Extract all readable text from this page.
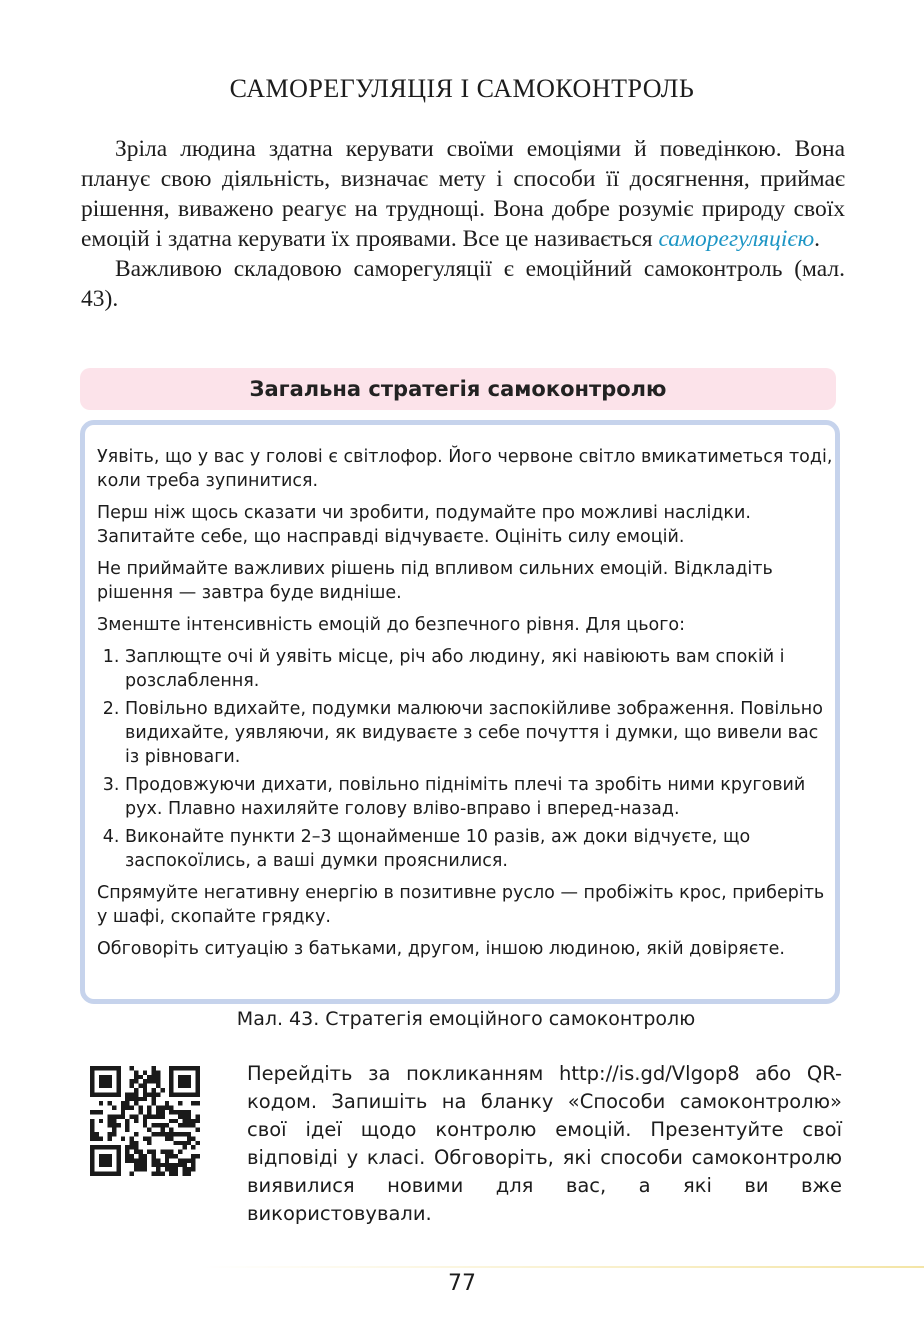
САМОРЕГУЛЯЦІЯ І САМОКОНТРОЛЬ

Зріла людина здатна керувати своїми емоціями й поведінкою. Вона планує свою діяльність, визначає мету і способи її досягнення, приймає рішення, виважено реагує на труднощі. Вона добре розуміє природу своїх емоцій і здатна керувати їх проявами. Все це називається саморегуляцією.

Важливою складовою саморегуляції є емоційний самоконтроль (мал. 43).

Загальна стратегія самоконтролю

Уявіть, що у вас у голові є світлофор. Його червоне світло вмикатиметься тоді, коли треба зупинитися.

Перш ніж щось сказати чи зробити, подумайте про можливі наслідки. Запитайте себе, що насправді відчуваєте. Оцініть силу емоцій.

Не приймайте важливих рішень під впливом сильних емоцій. Відкладіть рішення — завтра буде видніше.

Зменште інтенсивність емоцій до безпечного рівня. Для цього:

1. Заплющте очі й уявіть місце, річ або людину, які навіюють вам спокій і розслаблення.
2. Повільно вдихайте, подумки малюючи заспокійливе зображення. Повільно видихайте, уявляючи, як видуваєте з себе почуття і думки, що вивели вас із рівноваги.
3. Продовжуючи дихати, повільно підніміть плечі та зробіть ними круговий рух. Плавно нахиляйте голову вліво-вправо і вперед-назад.
4. Виконайте пункти 2–3 щонайменше 10 разів, аж доки відчуєте, що заспокоїлись, а ваші думки прояснилися.

Спрямуйте негативну енергію в позитивне русло — пробіжіть крос, приберіть у шафі, скопайте грядку.

Обговоріть ситуацію з батьками, другом, іншою людиною, якій довіряєте.

Мал. 43. Стратегія емоційного самоконтролю
Перейдіть за покликанням http://is.gd/Vlgop8 або QR-кодом. Запишіть на бланку «Способи самоконтролю» свої ідеї щодо контролю емоцій. Презентуйте свої відповіді у класі. Обговоріть, які способи самоконтролю виявилися новими для вас, а які ви вже використовували.
77
